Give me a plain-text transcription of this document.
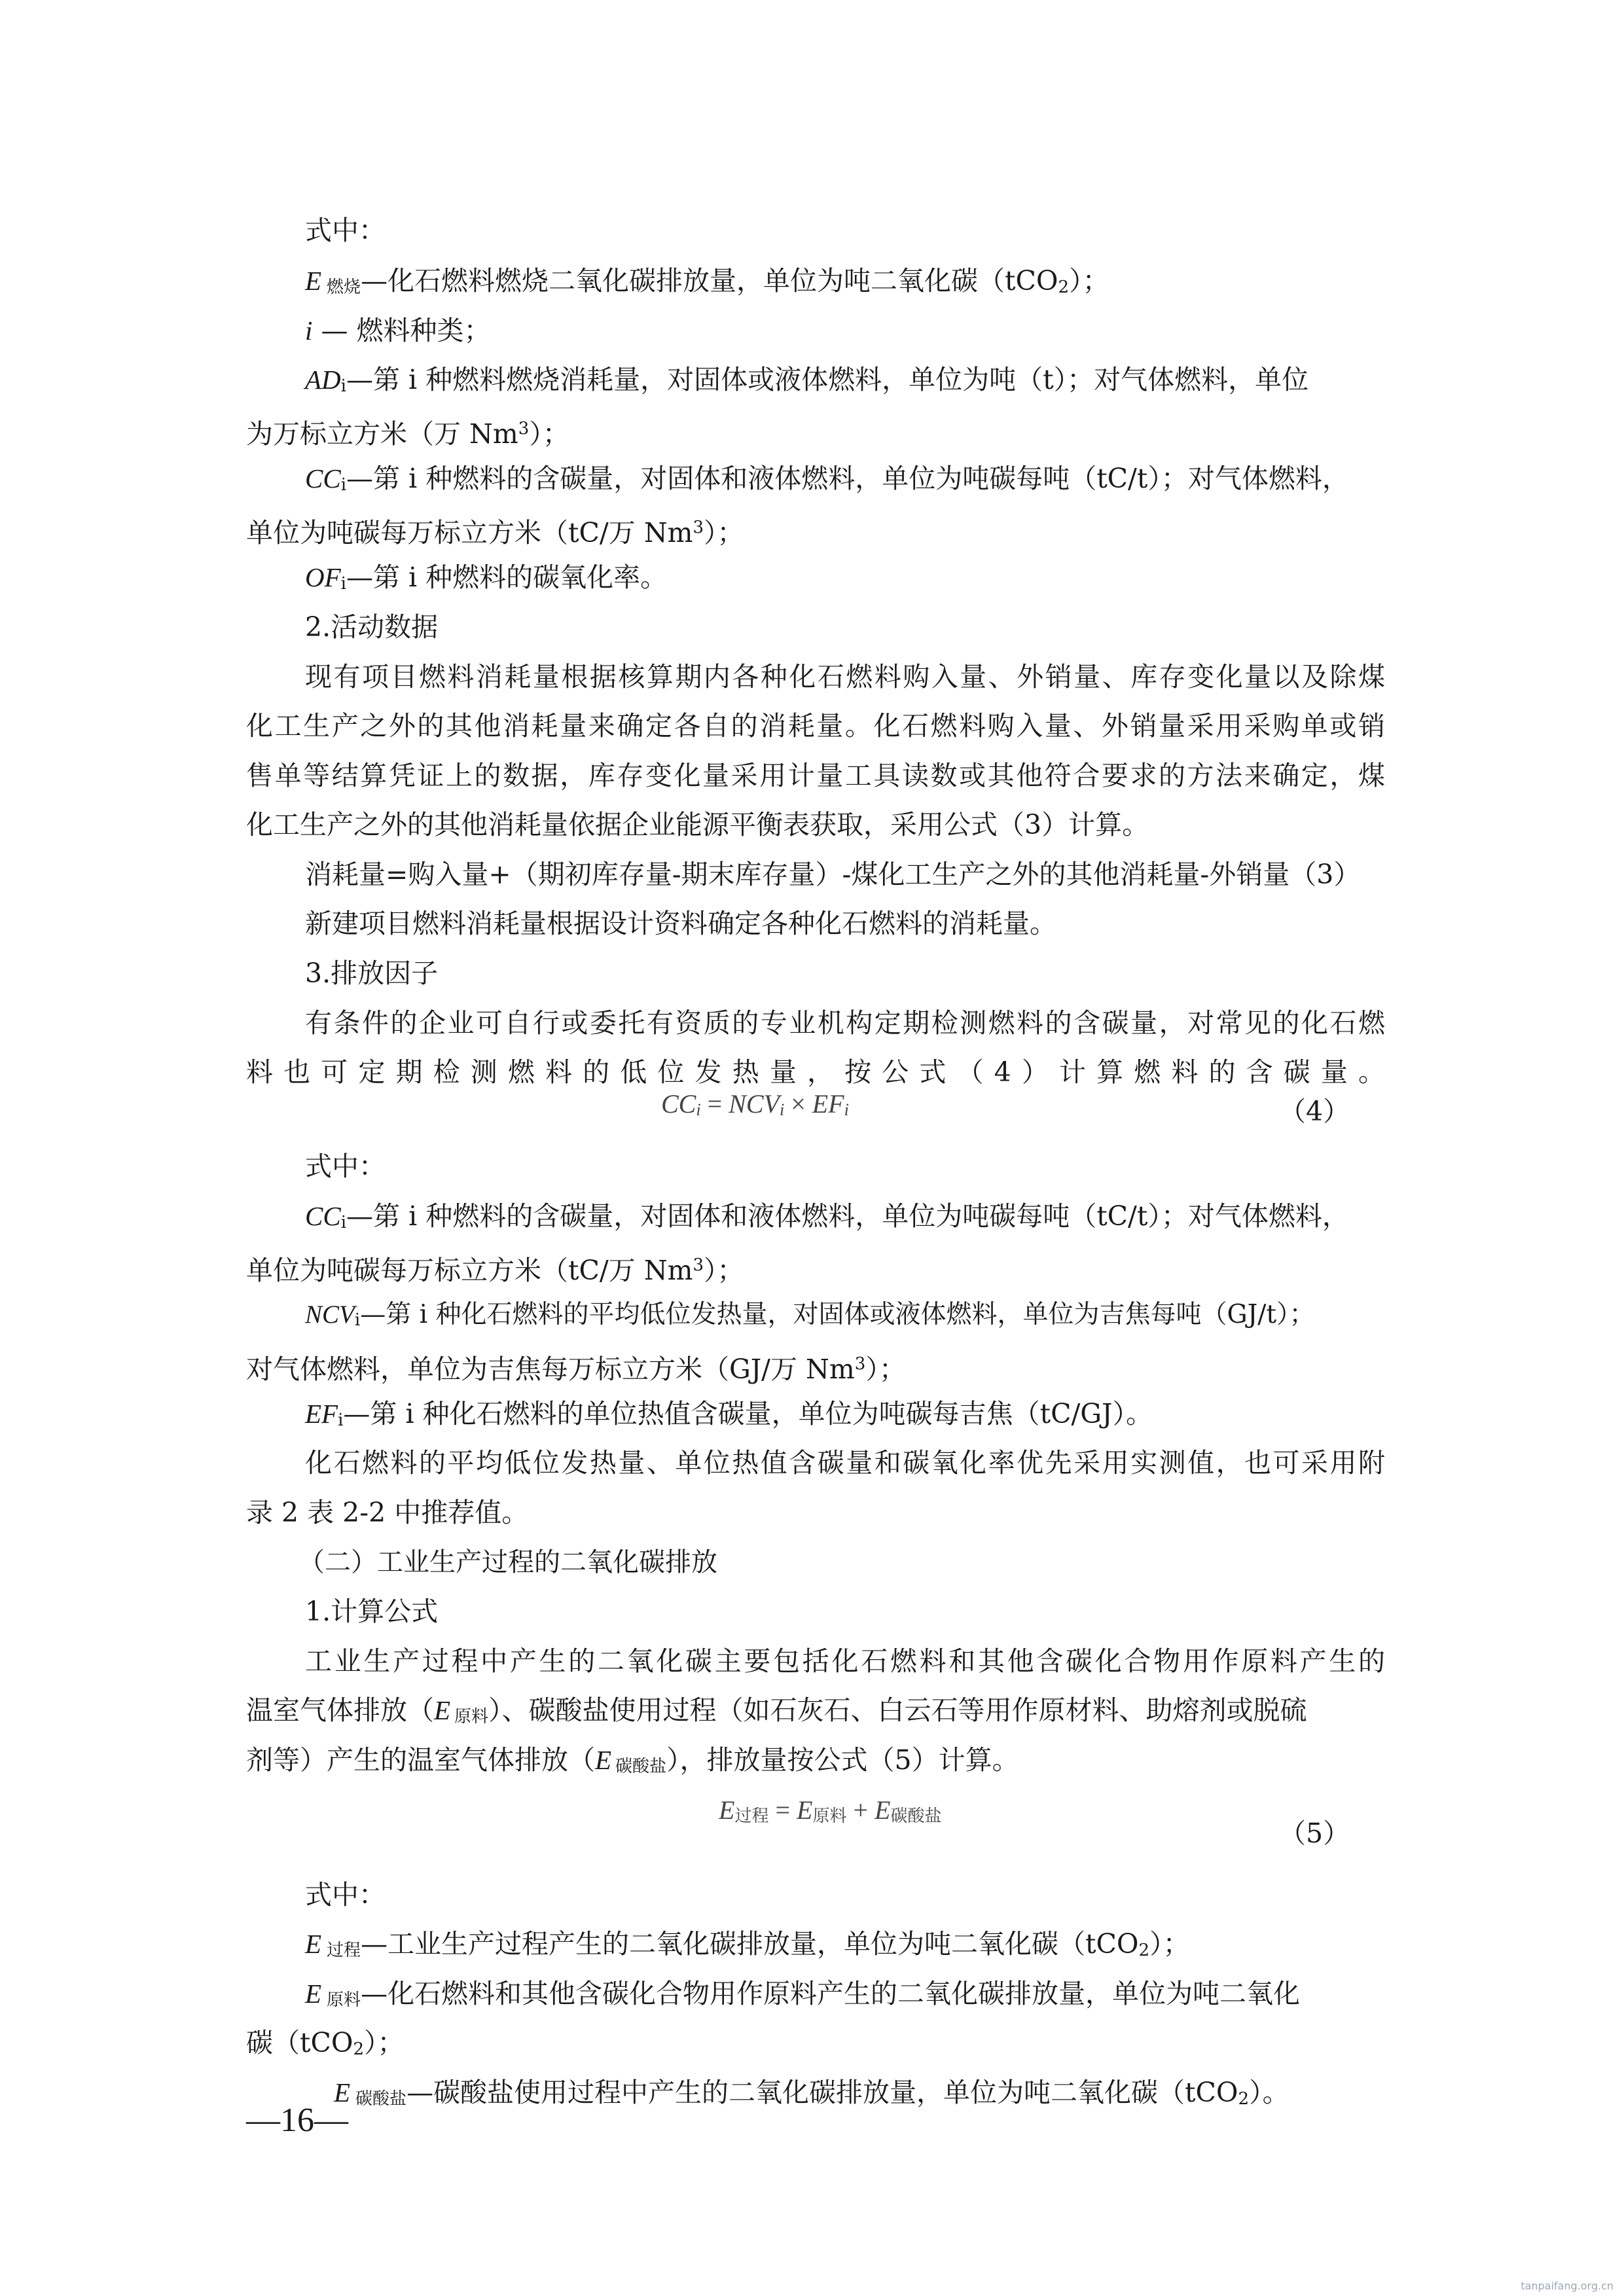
式中：
E燃烧—化石燃料燃烧二氧化碳排放量，单位为吨二氧化碳（tCO2）；
i — 燃料种类；
ADi—第 i 种燃料燃烧消耗量，对固体或液体燃料，单位为吨（t）；对气体燃料，单位
为万标立方米（万 Nm$^3$）；
CCi—第 i 种燃料的含碳量，对固体和液体燃料，单位为吨碳每吨（tC/t）；对气体燃料，
单位为吨碳每万标立方米（tC/万 Nm$^3$）；
OFi—第 i 种燃料的碳氧化率。
2.活动数据
现有项目燃料消耗量根据核算期内各种化石燃料购入量、外销量、库存变化量以及除煤
化工生产之外的其他消耗量来确定各自的消耗量。化石燃料购入量、外销量采用采购单或销
售单等结算凭证上的数据，库存变化量采用计量工具读数或其他符合要求的方法来确定，煤
化工生产之外的其他消耗量依据企业能源平衡表获取，采用公式（3）计算。
消耗量=购入量+（期初库存量-期末库存量）-煤化工生产之外的其他消耗量-外销量（3）
新建项目燃料消耗量根据设计资料确定各种化石燃料的消耗量。
3.排放因子
有条件的企业可自行或委托有资质的专业机构定期检测燃料的含碳量，对常见的化石燃
料也可定期检测燃料的低位发热量，按公式（4）计算燃料的含碳量。
CCi = NCVi × EFi	（4）
式中：
CCi—第 i 种燃料的含碳量，对固体和液体燃料，单位为吨碳每吨（tC/t）；对气体燃料，
单位为吨碳每万标立方米（tC/万 Nm$^3$）；
NCVi—第 i 种化石燃料的平均低位发热量，对固体或液体燃料，单位为吉焦每吨（GJ/t）；
对气体燃料，单位为吉焦每万标立方米（GJ/万 Nm$^3$）；
EFi—第 i 种化石燃料的单位热值含碳量，单位为吨碳每吉焦（tC/GJ）。
化石燃料的平均低位发热量、单位热值含碳量和碳氧化率优先采用实测值，也可采用附
录 2 表 2-2 中推荐值。
（二）工业生产过程的二氧化碳排放
1.计算公式
工业生产过程中产生的二氧化碳主要包括化石燃料和其他含碳化合物用作原料产生的
温室气体排放（E 原料）、碳酸盐使用过程（如石灰石、白云石等用作原材料、助熔剂或脱硫
剂等）产生的温室气体排放（E 碳酸盐），排放量按公式（5）计算。
E过程 = E原料 + E碳酸盐
（5）
式中：
E过程—工业生产过程产生的二氧化碳排放量，单位为吨二氧化碳（tCO2）；
E原料—化石燃料和其他含碳化合物用作原料产生的二氧化碳排放量，单位为吨二氧化
碳（tCO2）；
E碳酸盐—碳酸盐使用过程中产生的二氧化碳排放量，单位为吨二氧化碳（tCO2）。
—16—
tanpaifang.org.cn
